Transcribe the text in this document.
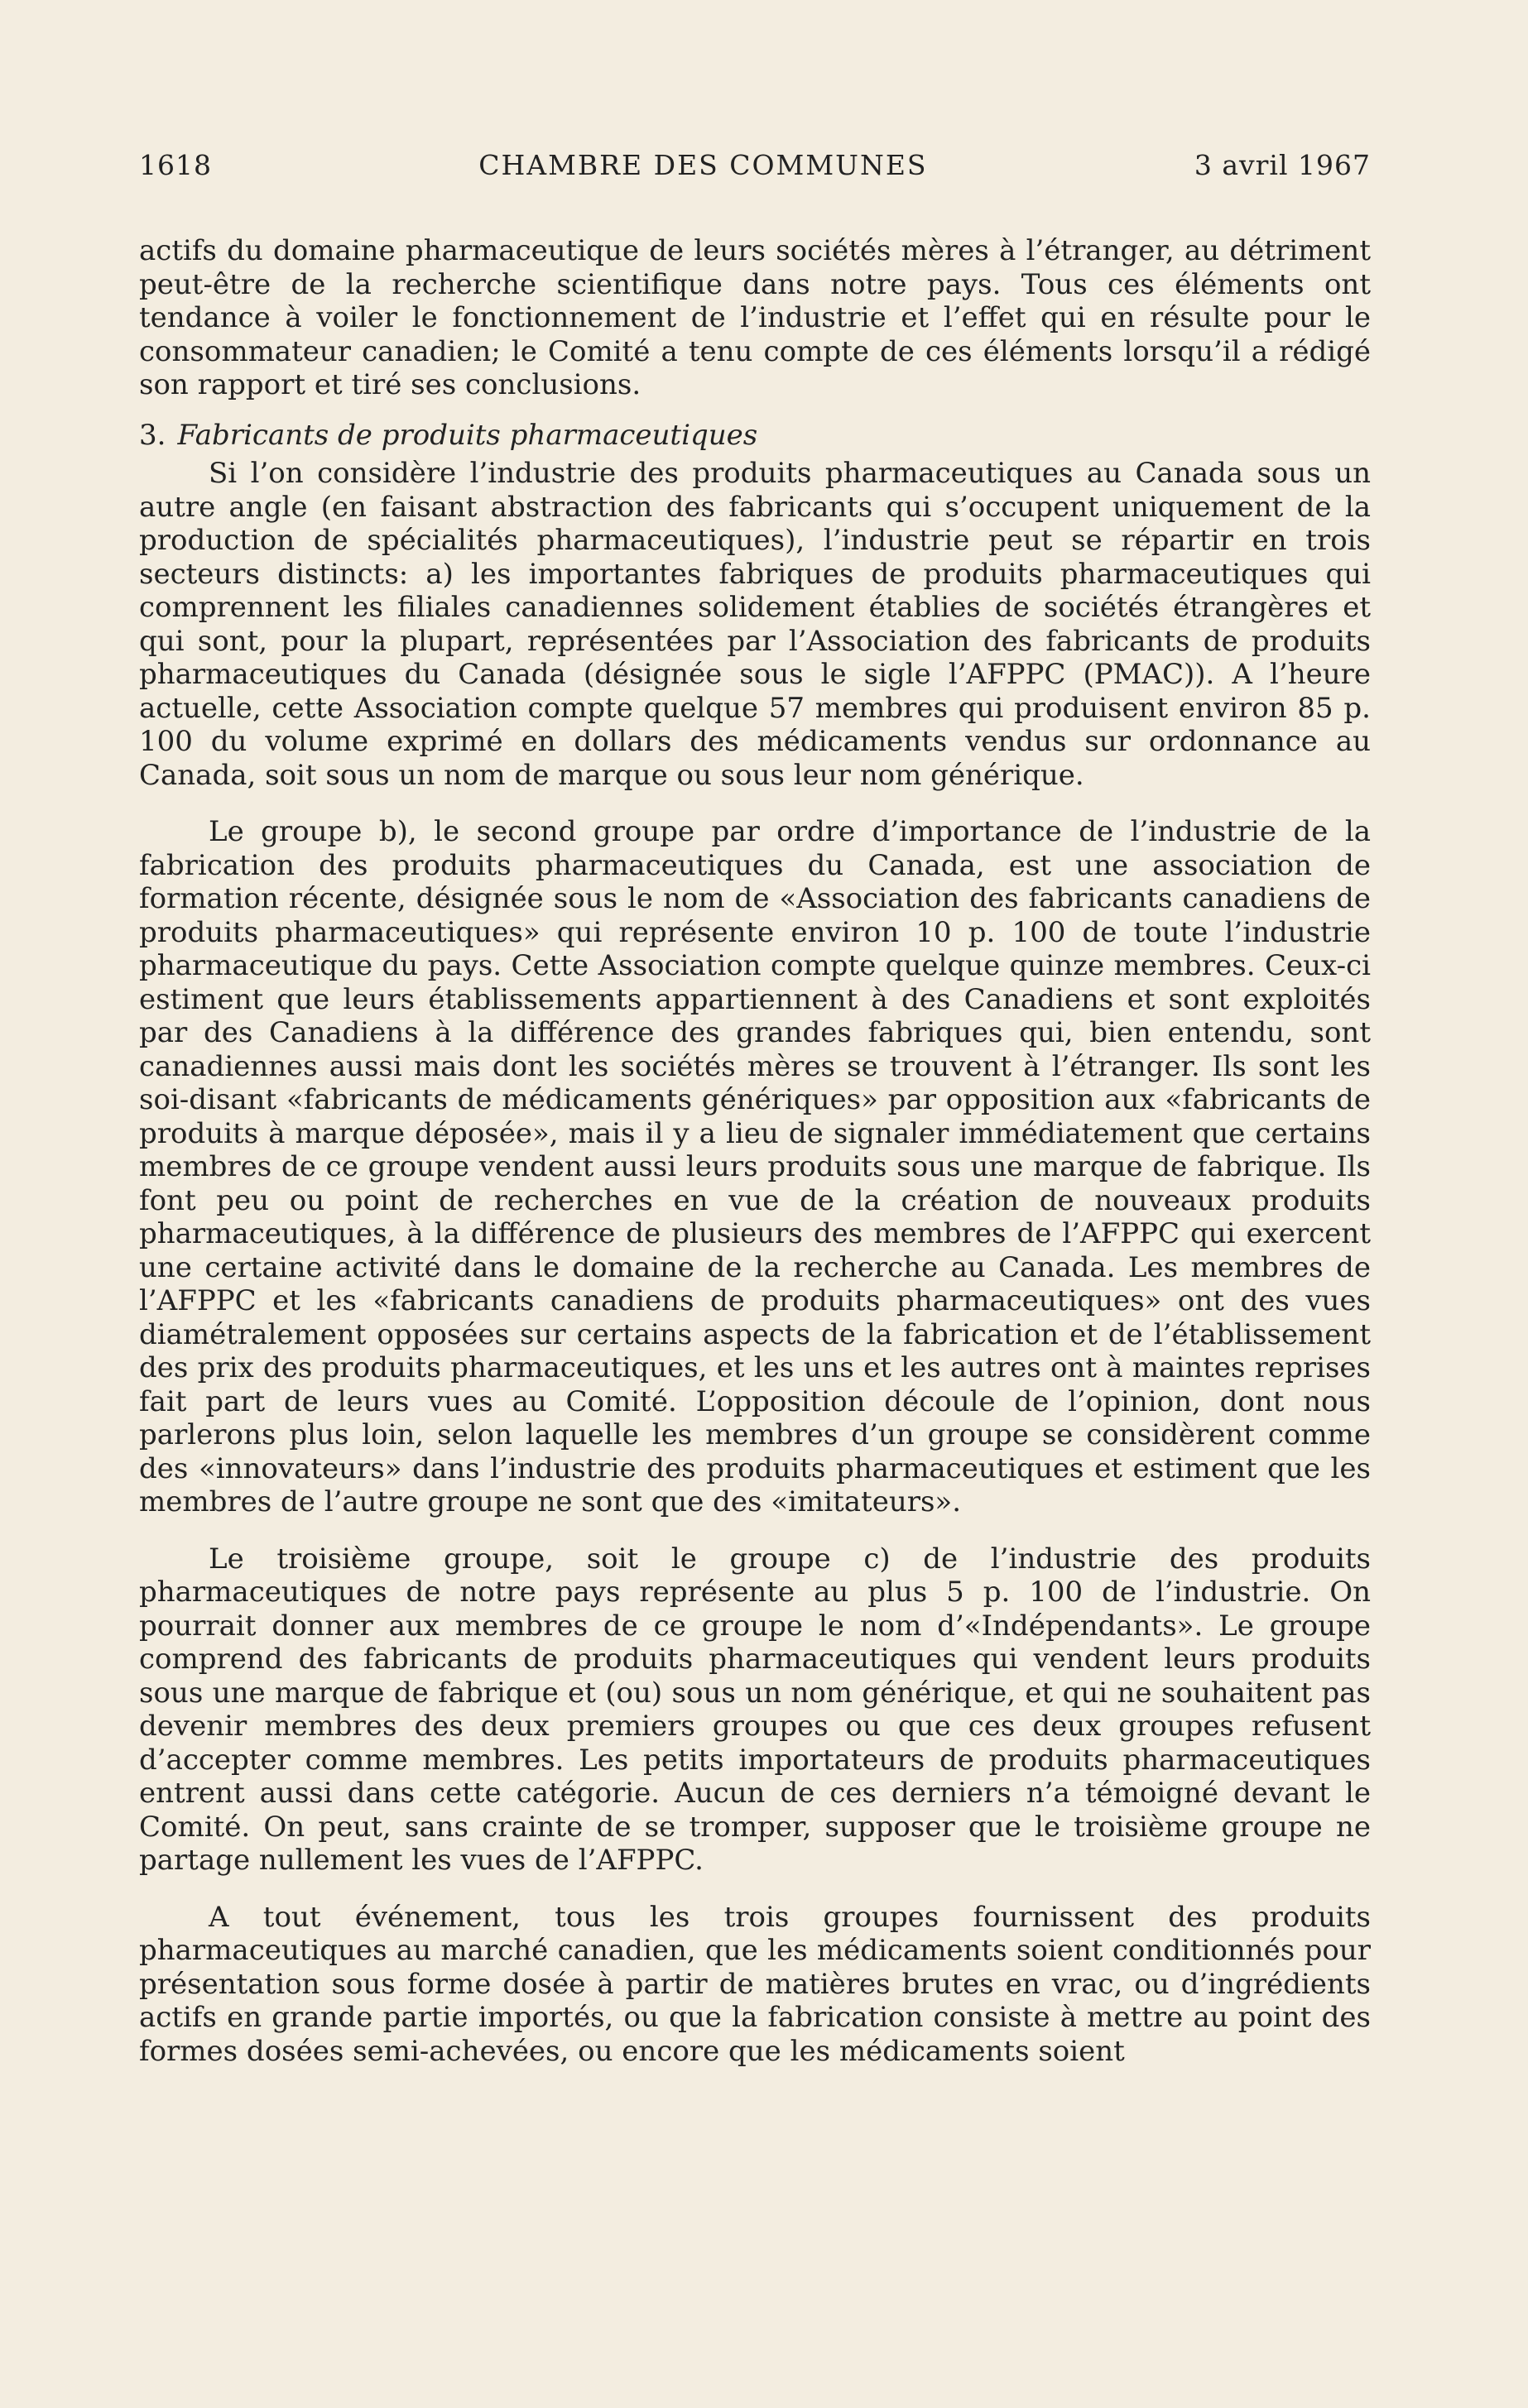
1618	CHAMBRE DES COMMUNES	3 avril 1967

actifs du domaine pharmaceutique de leurs sociétés mères à l’étranger, au détriment peut-être de la recherche scientifique dans notre pays. Tous ces éléments ont tendance à voiler le fonctionnement de l’industrie et l’effet qui en résulte pour le consommateur canadien; le Comité a tenu compte de ces éléments lorsqu’il a rédigé son rapport et tiré ses conclusions.

3. Fabricants de produits pharmaceutiques

Si l’on considère l’industrie des produits pharmaceutiques au Canada sous un autre angle (en faisant abstraction des fabricants qui s’occupent uniquement de la production de spécialités pharmaceutiques), l’industrie peut se répartir en trois secteurs distincts: a) les importantes fabriques de produits pharmaceutiques qui comprennent les filiales canadiennes solidement établies de sociétés étrangères et qui sont, pour la plupart, représentées par l’Association des fabricants de produits pharmaceutiques du Canada (désignée sous le sigle l’AFPPC (PMAC)). A l’heure actuelle, cette Association compte quelque 57 membres qui produisent environ 85 p. 100 du volume exprimé en dollars des médicaments vendus sur ordonnance au Canada, soit sous un nom de marque ou sous leur nom générique.

Le groupe b), le second groupe par ordre d’importance de l’industrie de la fabrication des produits pharmaceutiques du Canada, est une association de formation récente, désignée sous le nom de «Association des fabricants canadiens de produits pharmaceutiques» qui représente environ 10 p. 100 de toute l’industrie pharmaceutique du pays. Cette Association compte quelque quinze membres. Ceux-ci estiment que leurs établissements appartiennent à des Canadiens et sont exploités par des Canadiens à la différence des grandes fabriques qui, bien entendu, sont canadiennes aussi mais dont les sociétés mères se trouvent à l’étranger. Ils sont les soi-disant «fabricants de médicaments génériques» par opposition aux «fabricants de produits à marque déposée», mais il y a lieu de signaler immédiatement que certains membres de ce groupe vendent aussi leurs produits sous une marque de fabrique. Ils font peu ou point de recherches en vue de la création de nouveaux produits pharmaceutiques, à la différence de plusieurs des membres de l’AFPPC qui exercent une certaine activité dans le domaine de la recherche au Canada. Les membres de l’AFPPC et les «fabricants canadiens de produits pharmaceutiques» ont des vues diamétralement opposées sur certains aspects de la fabrication et de l’établissement des prix des produits pharmaceutiques, et les uns et les autres ont à maintes reprises fait part de leurs vues au Comité. L’opposition découle de l’opinion, dont nous parlerons plus loin, selon laquelle les membres d’un groupe se considèrent comme des «innovateurs» dans l’industrie des produits pharmaceutiques et estiment que les membres de l’autre groupe ne sont que des «imitateurs».

Le troisième groupe, soit le groupe c) de l’industrie des produits pharmaceutiques de notre pays représente au plus 5 p. 100 de l’industrie. On pourrait donner aux membres de ce groupe le nom d’«Indépendants». Le groupe comprend des fabricants de produits pharmaceutiques qui vendent leurs produits sous une marque de fabrique et (ou) sous un nom générique, et qui ne souhaitent pas devenir membres des deux premiers groupes ou que ces deux groupes refusent d’accepter comme membres. Les petits importateurs de produits pharmaceutiques entrent aussi dans cette catégorie. Aucun de ces derniers n’a témoigné devant le Comité. On peut, sans crainte de se tromper, supposer que le troisième groupe ne partage nullement les vues de l’AFPPC.

A tout événement, tous les trois groupes fournissent des produits pharmaceutiques au marché canadien, que les médicaments soient conditionnés pour présentation sous forme dosée à partir de matières brutes en vrac, ou d’ingrédients actifs en grande partie importés, ou que la fabrication consiste à mettre au point des formes dosées semi-achevées, ou encore que les médicaments soient
